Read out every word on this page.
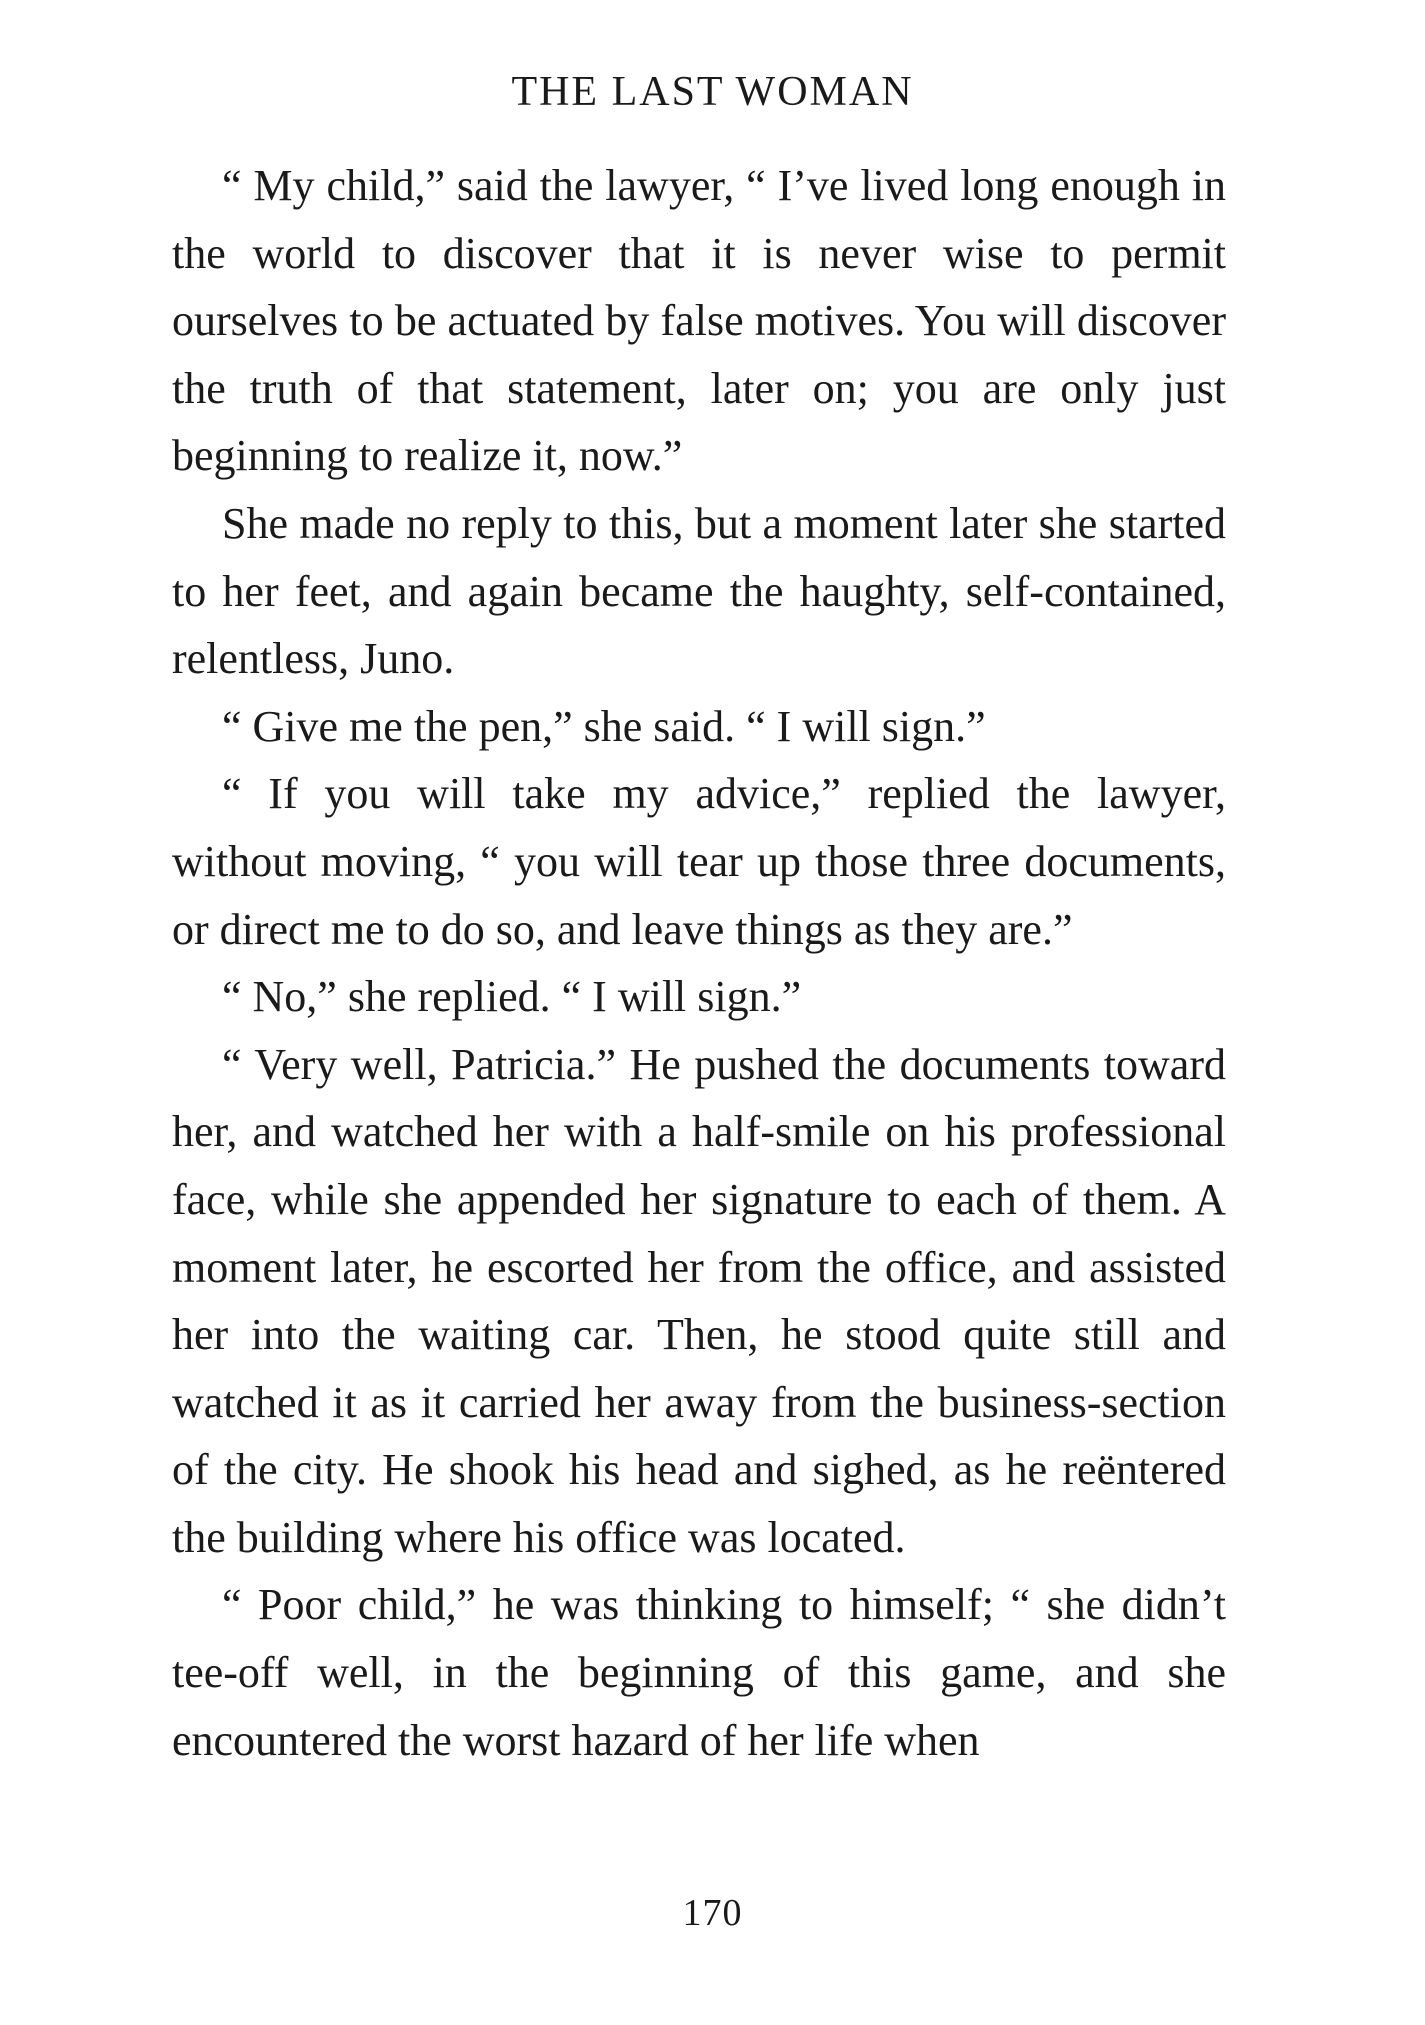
THE LAST WOMAN

“ My child,” said the lawyer, “ I’ve lived long enough in the world to discover that it is never wise to permit ourselves to be actuated by false motives. You will discover the truth of that statement, later on; you are only just beginning to realize it, now.”

She made no reply to this, but a moment later she started to her feet, and again became the haughty, self-contained, relentless, Juno.

“ Give me the pen,” she said. “ I will sign.”

“ If you will take my advice,” replied the lawyer, without moving, “ you will tear up those three documents, or direct me to do so, and leave things as they are.”

“ No,” she replied. “ I will sign.”

“ Very well, Patricia.” He pushed the documents toward her, and watched her with a half-smile on his professional face, while she appended her signature to each of them. A moment later, he escorted her from the office, and assisted her into the waiting car. Then, he stood quite still and watched it as it carried her away from the business-section of the city. He shook his head and sighed, as he reëntered the building where his office was located.

“ Poor child,” he was thinking to himself; “ she didn’t tee-off well, in the beginning of this game, and she encountered the worst hazard of her life when

170
